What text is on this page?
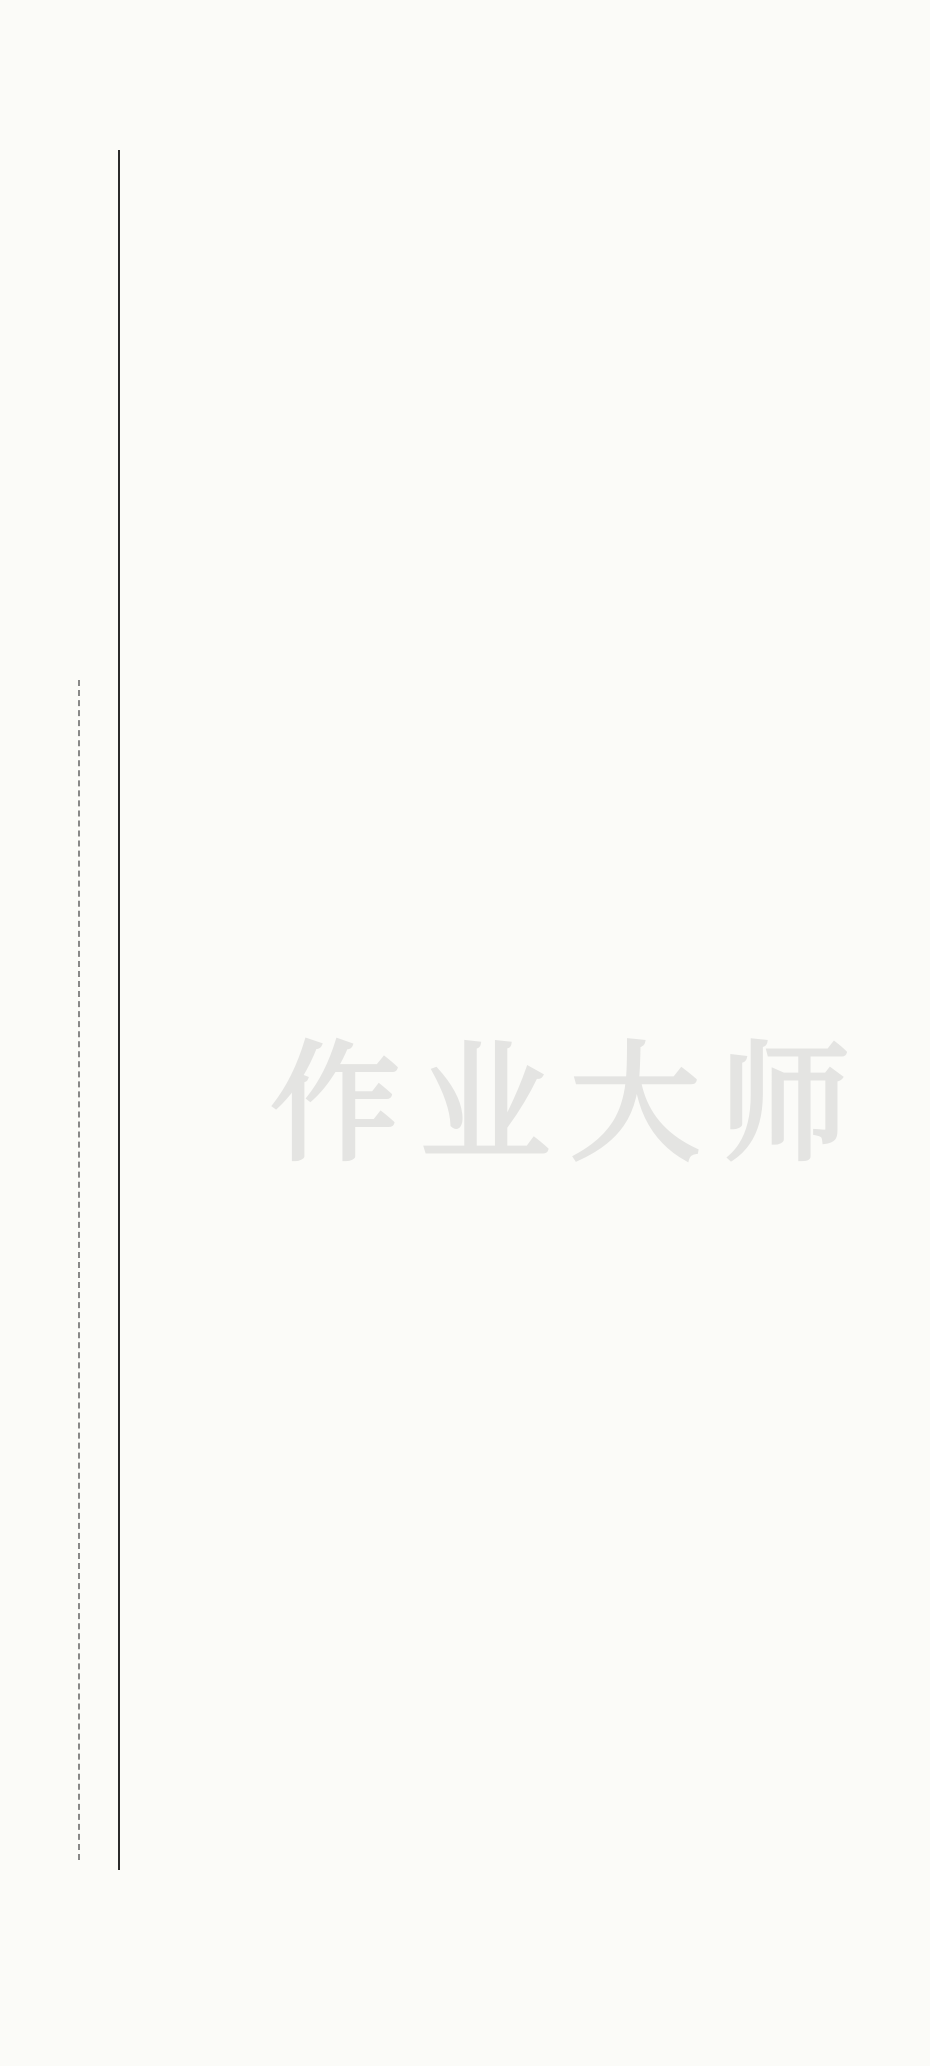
作业大师
